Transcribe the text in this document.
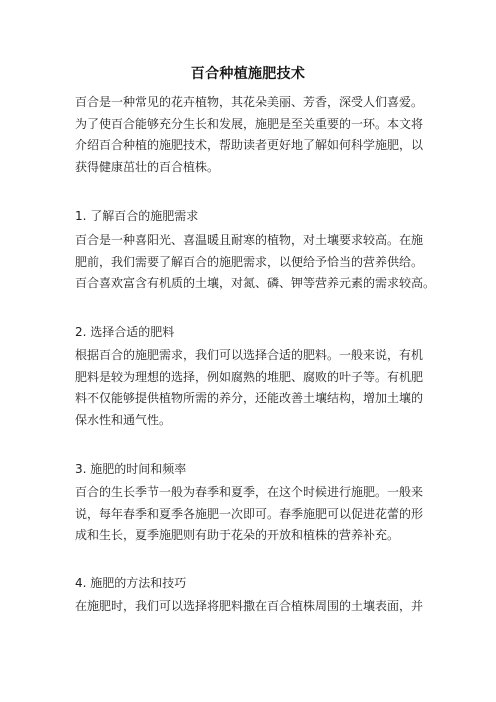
百合种植施肥技术
百合是一种常见的花卉植物，其花朵美丽、芳香，深受人们喜爱。
为了使百合能够充分生长和发展，施肥是至关重要的一环。本文将
介绍百合种植的施肥技术，帮助读者更好地了解如何科学施肥，以
获得健康茁壮的百合植株。
1. 了解百合的施肥需求
百合是一种喜阳光、喜温暖且耐寒的植物，对土壤要求较高。在施
肥前，我们需要了解百合的施肥需求，以便给予恰当的营养供给。
百合喜欢富含有机质的土壤，对氮、磷、钾等营养元素的需求较高。
2. 选择合适的肥料
根据百合的施肥需求，我们可以选择合适的肥料。一般来说，有机
肥料是较为理想的选择，例如腐熟的堆肥、腐败的叶子等。有机肥
料不仅能够提供植物所需的养分，还能改善土壤结构，增加土壤的
保水性和通气性。
3. 施肥的时间和频率
百合的生长季节一般为春季和夏季，在这个时候进行施肥。一般来
说，每年春季和夏季各施肥一次即可。春季施肥可以促进花蕾的形
成和生长，夏季施肥则有助于花朵的开放和植株的营养补充。
4. 施肥的方法和技巧
在施肥时，我们可以选择将肥料撒在百合植株周围的土壤表面，并
